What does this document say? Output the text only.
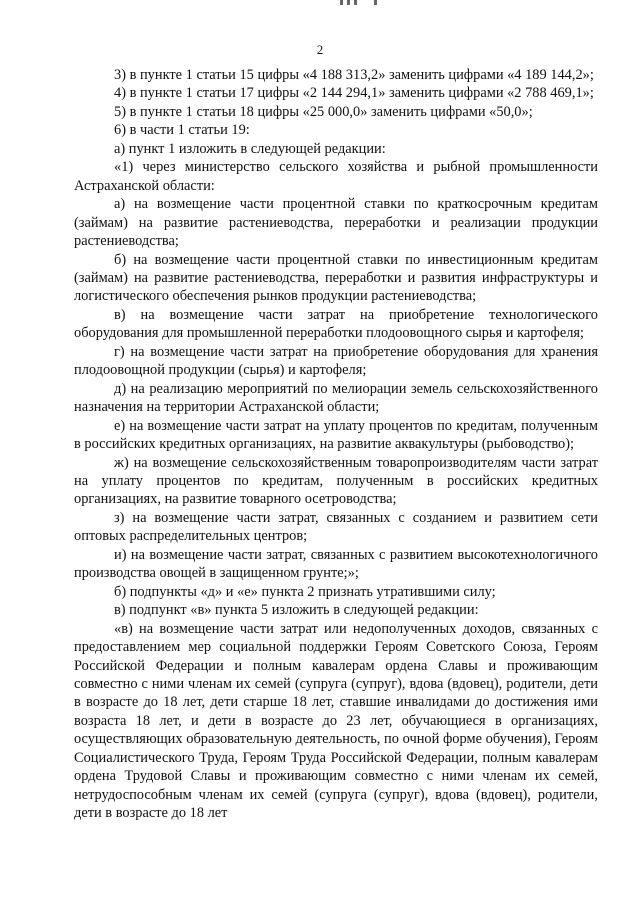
2

3) в пункте 1 статьи 15 цифры «4 188 313,2» заменить цифрами «4 189 144,2»;

4) в пункте 1 статьи 17 цифры «2 144 294,1» заменить цифрами «2 788 469,1»;

5) в пункте 1 статьи 18 цифры «25 000,0» заменить цифрами «50,0»;

6) в части 1 статьи 19:

а) пункт 1 изложить в следующей редакции:

«1) через министерство сельского хозяйства и рыбной промышленности Астраханской области:

а) на возмещение части процентной ставки по краткосрочным кредитам (займам) на развитие растениеводства, переработки и реализации продукции растениеводства;

б) на возмещение части процентной ставки по инвестиционным кредитам (займам) на развитие растениеводства, переработки и развития инфраструктуры и логистического обеспечения рынков продукции растениеводства;

в) на возмещение части затрат на приобретение технологического оборудования для промышленной переработки плодоовощного сырья и картофеля;

г) на возмещение части затрат на приобретение оборудования для хранения плодоовощной продукции (сырья) и картофеля;

д) на реализацию мероприятий по мелиорации земель сельскохозяйственного назначения на территории Астраханской области;

е) на возмещение части затрат на уплату процентов по кредитам, полученным в российских кредитных организациях, на развитие аквакультуры (рыбоводство);

ж) на возмещение сельскохозяйственным товаропроизводителям части затрат на уплату процентов по кредитам, полученным в российских кредитных организациях, на развитие товарного осетроводства;

з) на возмещение части затрат, связанных с созданием и развитием сети оптовых распределительных центров;

и) на возмещение части затрат, связанных с развитием высокотехнологичного производства овощей в защищенном грунте;»;

б) подпункты «д» и «е» пункта 2 признать утратившими силу;

в) подпункт «в» пункта 5 изложить в следующей редакции:

«в) на возмещение части затрат или недополученных доходов, связанных с предоставлением мер социальной поддержки Героям Советского Союза, Героям Российской Федерации и полным кавалерам ордена Славы и проживающим совместно с ними членам их семей (супруга (супруг), вдова (вдовец), родители, дети в возрасте до 18 лет, дети старше 18 лет, ставшие инвалидами до достижения ими возраста 18 лет, и дети в возрасте до 23 лет, обучающиеся в организациях, осуществляющих образовательную деятельность, по очной форме обучения), Героям Социалистического Труда, Героям Труда Российской Федерации, полным кавалерам ордена Трудовой Славы и проживающим совместно с ними членам их семей, нетрудоспособным членам их семей (супруга (супруг), вдова (вдовец), родители, дети в возрасте до 18 лет
